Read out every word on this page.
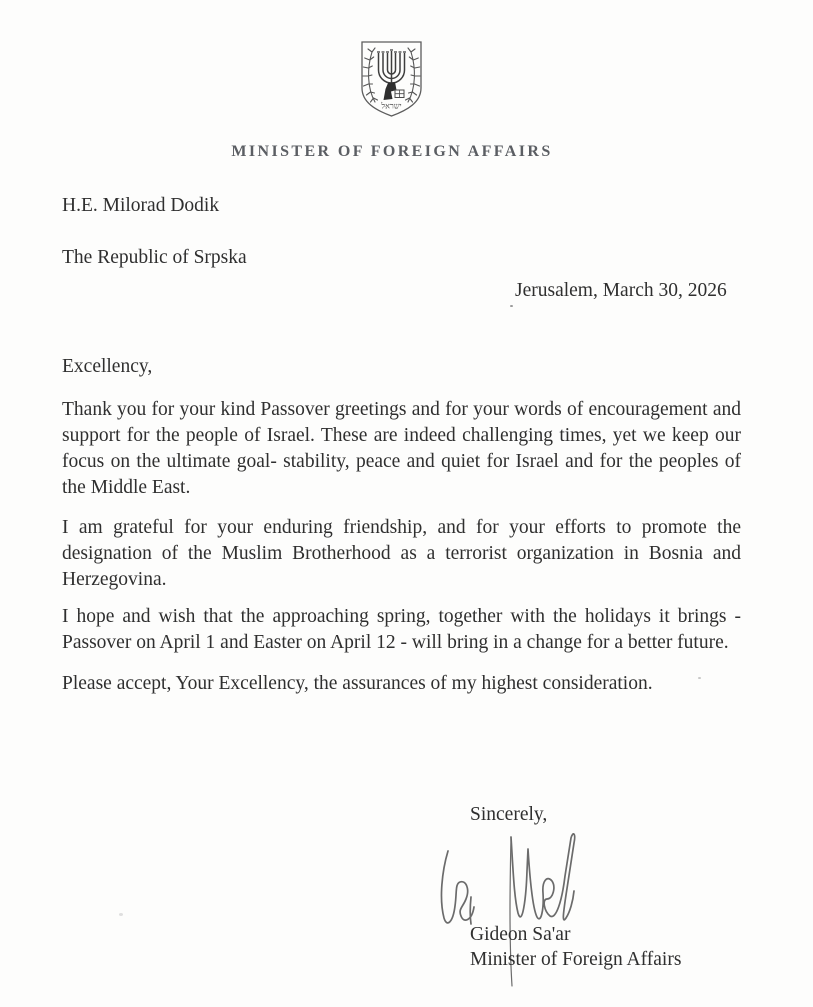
ישראל
MINISTER OF FOREIGN AFFAIRS
H.E. Milorad Dodik

The Republic of Srpska
Jerusalem, March 30, 2026

Excellency,

Thank you for your kind Passover greetings and for your words of encouragement and support for the people of Israel. These are indeed challenging times, yet we keep our focus on the ultimate goal- stability, peace and quiet for Israel and for the peoples of the Middle East.

I am grateful for your enduring friendship, and for your efforts to promote the designation of the Muslim Brotherhood as a terrorist organization in Bosnia and Herzegovina.

I hope and wish that the approaching spring, together with the holidays it brings - Passover on April 1 and Easter on April 12 - will bring in a change for a better future.

Please accept, Your Excellency, the assurances of my highest consideration.

Sincerely,
Gideon Sa'ar
Minister of Foreign Affairs
